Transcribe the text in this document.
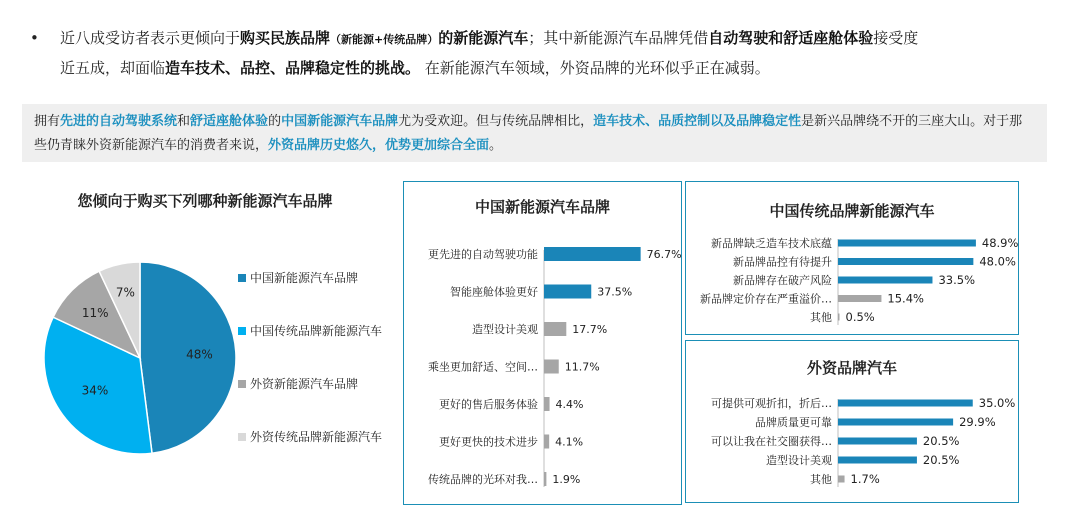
•	近八成受访者表示更倾向于购买民族品牌（新能源+传统品牌）的新能源汽车；其中新能源汽车品牌凭借自动驾驶和舒适座舱体验接受度
近五成，却面临造车技术、品控、品牌稳定性的挑战。 在新能源汽车领域，外资品牌的光环似乎正在减弱。
拥有先进的自动驾驶系统和舒适座舱体验的中国新能源汽车品牌尤为受欢迎。但与传统品牌相比，造车技术、品质控制以及品牌稳定性是新兴品牌绕不开的三座大山。对于那些仍青睐外资新能源汽车的消费者来说，外资品牌历史悠久，优势更加综合全面。
您倾向于购买下列哪种新能源汽车品牌
48%
34%
11%
7%
中国新能源汽车品牌
中国传统品牌新能源汽车
外资新能源汽车品牌
外资传统品牌新能源汽车
中国新能源汽车品牌
更先进的自动驾驶功能	76.7%
智能座舱体验更好	37.5%
造型设计美观	17.7%
乘坐更加舒适、空间… 11.7%
更好的售后服务体验 4.4%
更好更快的技术进步 4.1%
传统品牌的光环对我… 1.9%
中国传统品牌新能源汽车
新品牌缺乏造车技术底蕴	48.9%
新品牌品控有待提升	48.0%
新品牌存在破产风险	33.5%
新品牌定价存在严重溢价…	15.4%
其他 0.5%
外资品牌汽车
可提供可观折扣，折后…	35.0%
品牌质量更可靠	29.9%
可以让我在社交圈获得…	20.5%
造型设计美观	20.5%
其他 1.7%
